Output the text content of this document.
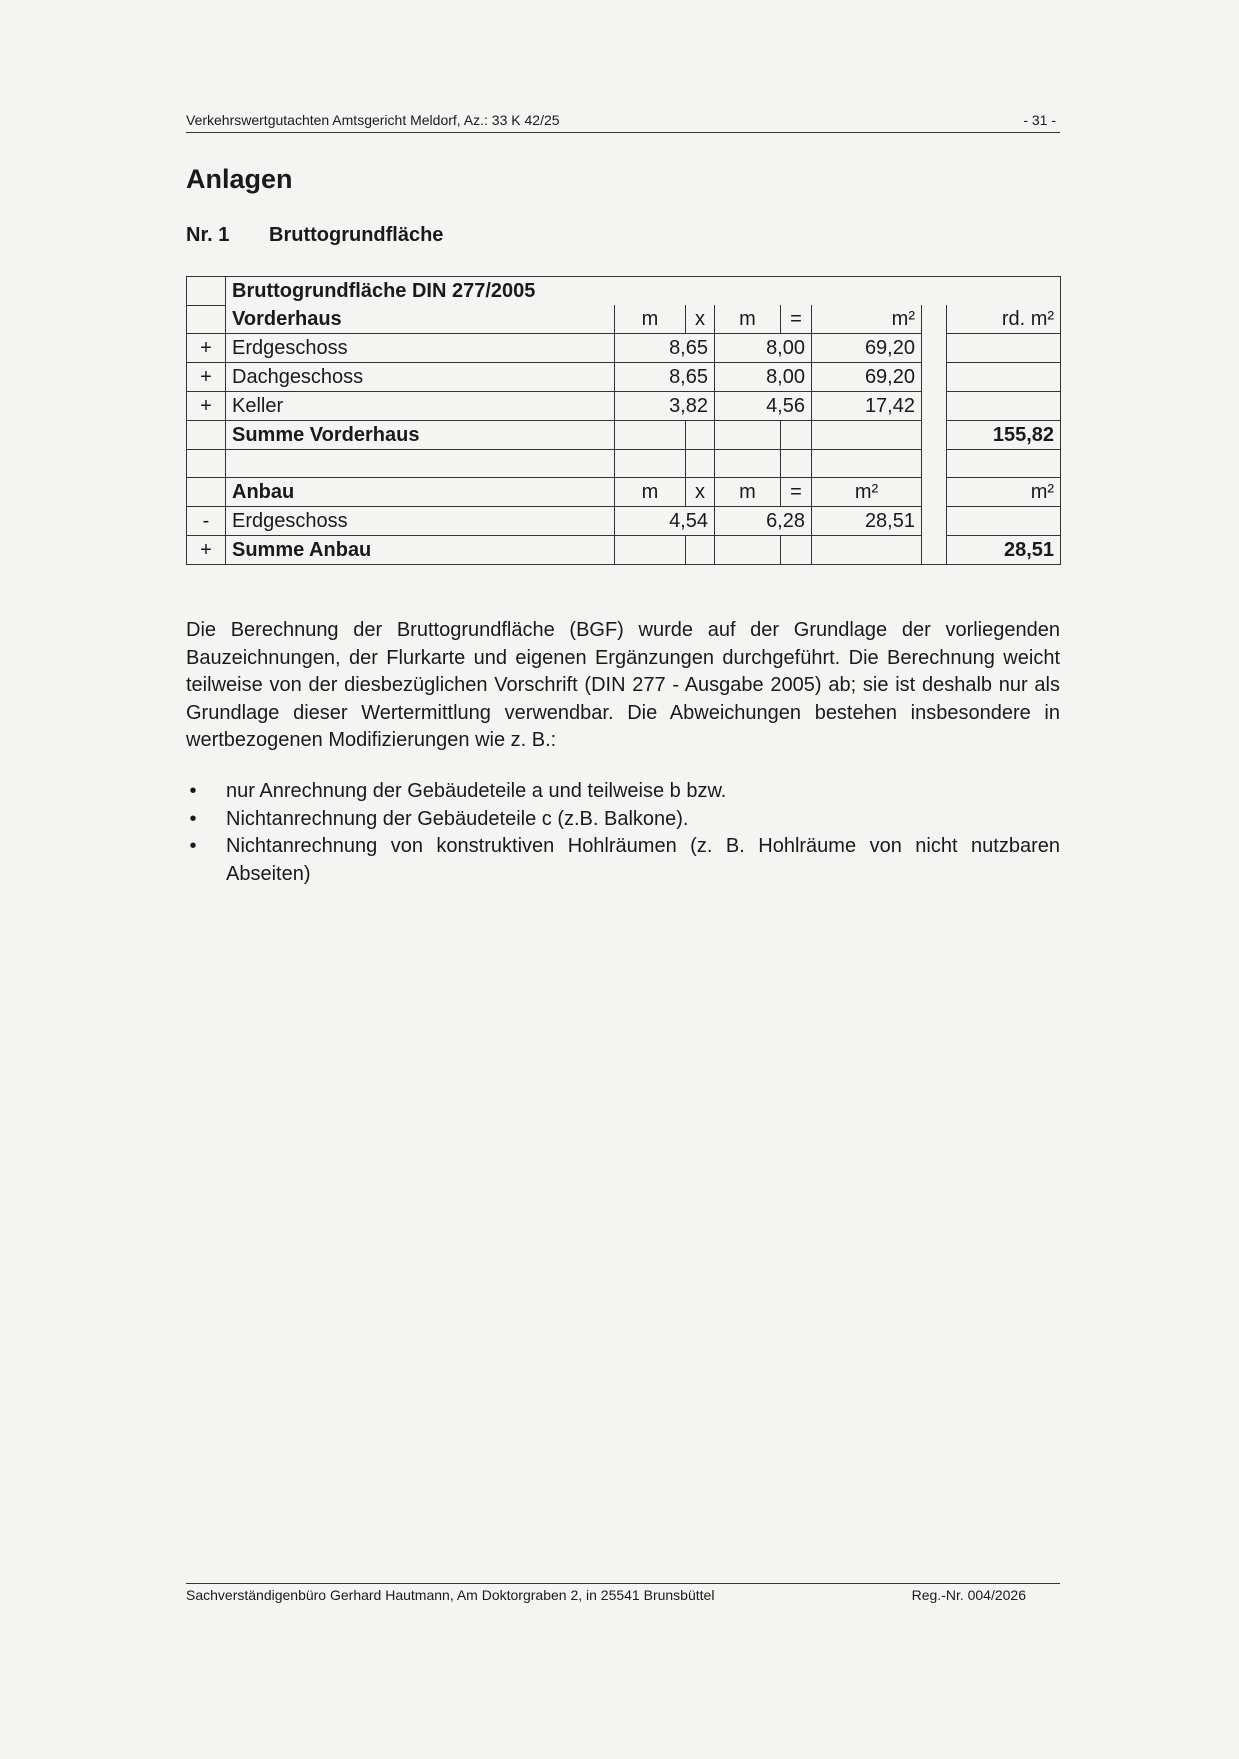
Verkehrswertgutachten Amtsgericht Meldorf, Az.: 33 K 42/25	- 31 -
Anlagen
Nr. 1 Bruttogrundfläche
	Bruttogrundfläche DIN 277/2005							
	Vorderhaus	m	x	m	=	m²		rd. m²
+	Erdgeschoss	8,65		8,00		69,20		
+	Dachgeschoss	8,65		8,00		69,20		
+	Keller	3,82		4,56		17,42		
	Summe Vorderhaus							155,82

	Anbau	m	x	m	=	m²		m²
-	Erdgeschoss	4,54		6,28		28,51		
+	Summe Anbau							28,51

Die Berechnung der Bruttogrundfläche (BGF) wurde auf der Grundlage der vorliegenden Bauzeichnungen, der Flurkarte und eigenen Ergänzungen durchgeführt. Die Berechnung weicht teilweise von der diesbezüglichen Vorschrift (DIN 277 - Ausgabe 2005) ab; sie ist deshalb nur als Grundlage dieser Wertermittlung verwendbar. Die Abweichungen bestehen insbesondere in wertbezogenen Modifizierungen wie z. B.:

• nur Anrechnung der Gebäudeteile a und teilweise b bzw.
• Nichtanrechnung der Gebäudeteile c (z.B. Balkone).
• Nichtanrechnung von konstruktiven Hohlräumen (z. B. Hohlräume von nicht nutzbaren Abseiten)
Sachverständigenbüro Gerhard Hautmann, Am Doktorgraben 2, in 25541 Brunsbüttel	Reg.-Nr. 004/2026
